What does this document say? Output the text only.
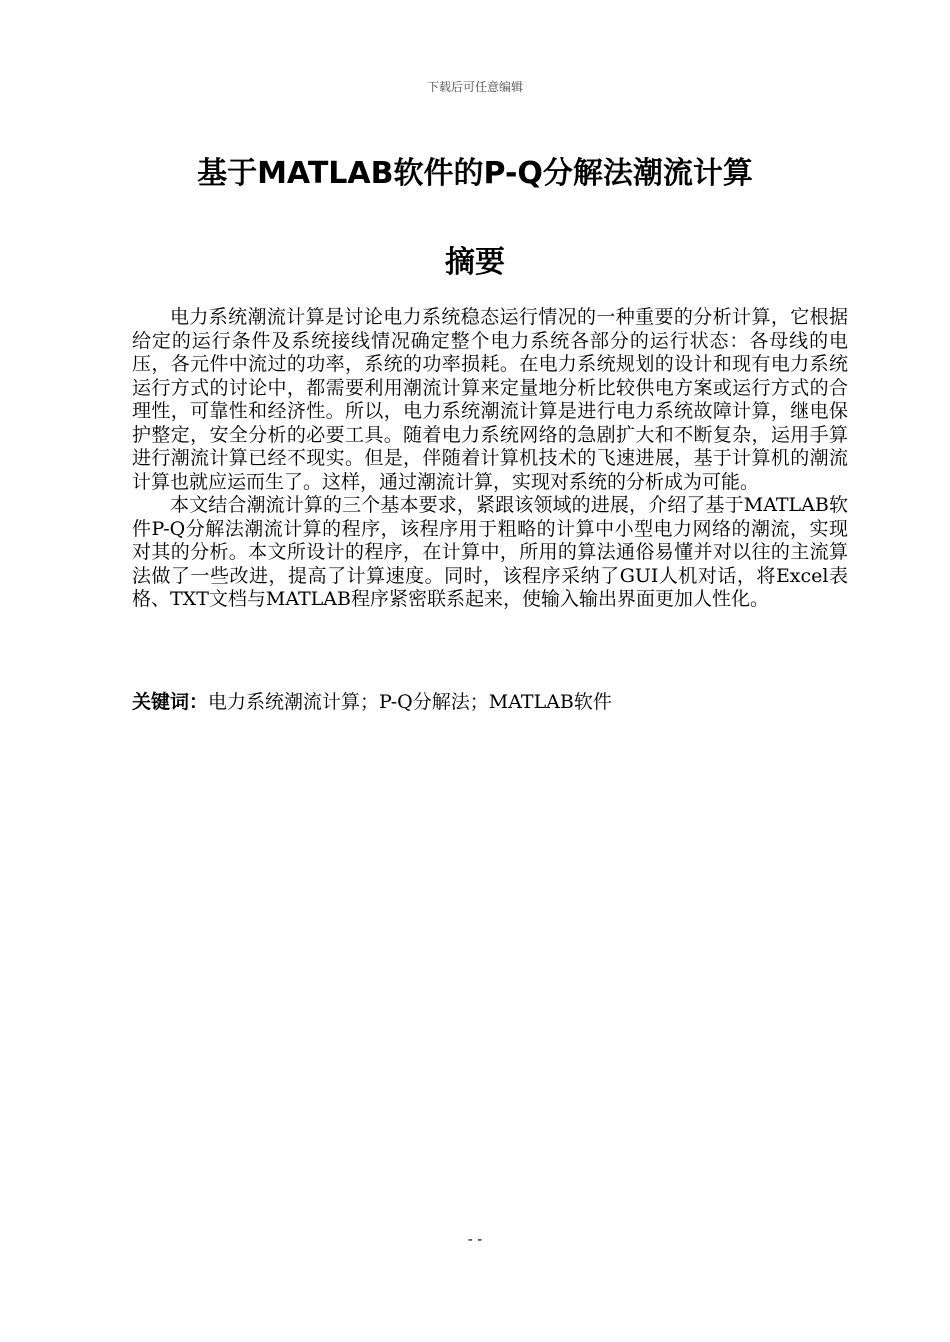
下载后可任意编辑
基于MATLAB软件的P-Q分解法潮流计算
摘要

电力系统潮流计算是讨论电力系统稳态运行情况的一种重要的分析计算，它根据给定的运行条件及系统接线情况确定整个电力系统各部分的运行状态：各母线的电压，各元件中流过的功率，系统的功率损耗。在电力系统规划的设计和现有电力系统运行方式的讨论中，都需要利用潮流计算来定量地分析比较供电方案或运行方式的合理性，可靠性和经济性。所以，电力系统潮流计算是进行电力系统故障计算，继电保护整定，安全分析的必要工具。随着电力系统网络的急剧扩大和不断复杂，运用手算进行潮流计算已经不现实。但是，伴随着计算机技术的飞速进展，基于计算机的潮流计算也就应运而生了。这样，通过潮流计算，实现对系统的分析成为可能。

本文结合潮流计算的三个基本要求，紧跟该领域的进展，介绍了基于MATLAB软件P-Q分解法潮流计算的程序，该程序用于粗略的计算中小型电力网络的潮流，实现对其的分析。本文所设计的程序，在计算中，所用的算法通俗易懂并对以往的主流算法做了一些改进，提高了计算速度。同时，该程序采纳了GUI人机对话，将Excel表格、TXT文档与MATLAB程序紧密联系起来，使输入输出界面更加人性化。

关键词：电力系统潮流计算；P-Q分解法；MATLAB软件
- -
